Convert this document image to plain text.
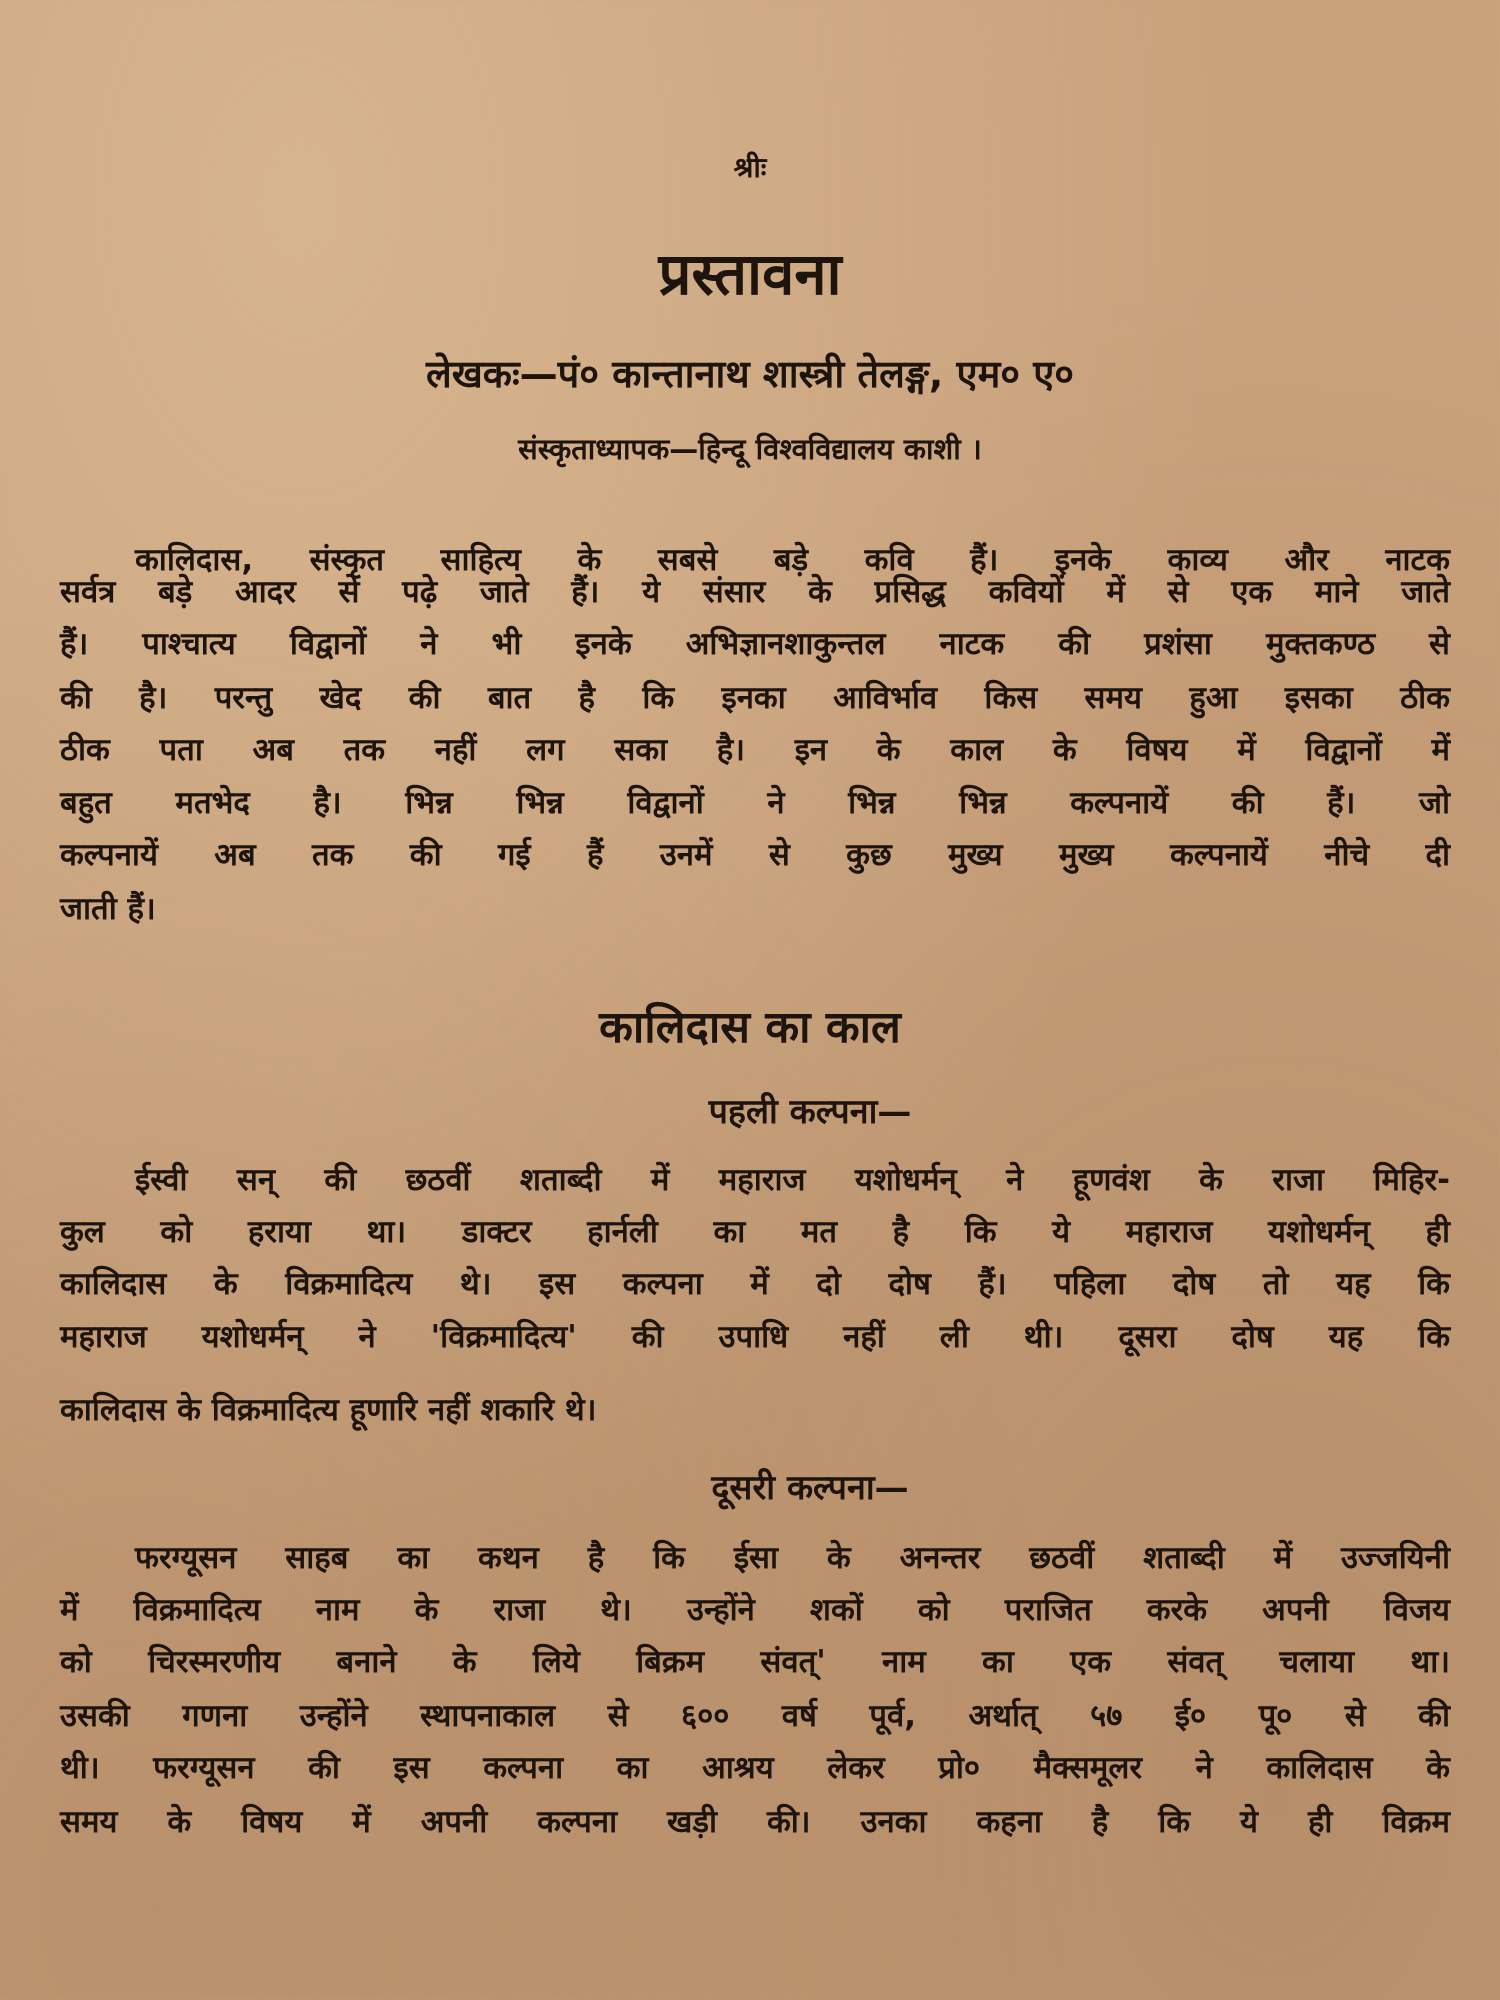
श्रीः
प्रस्तावना
लेखकः—पं० कान्तानाथ शास्त्री तेलङ्ग, एम० ए०
संस्कृताध्यापक—हिन्दू विश्वविद्यालय काशी ।
कालिदास, संस्कृत साहित्य के सबसे बड़े कवि हैं। इनके काव्य और नाटक
सर्वत्र बड़े आदर से पढ़े जाते हैं। ये संसार के प्रसिद्ध कवियों में से एक माने जाते
हैं। पाश्चात्य विद्वानों ने भी इनके अभिज्ञानशाकुन्तल नाटक की प्रशंसा मुक्तकण्ठ से
की है। परन्तु खेद की बात है कि इनका आविर्भाव किस समय हुआ इसका ठीक
ठीक पता अब तक नहीं लग सका है। इन के काल के विषय में विद्वानों में
बहुत मतभेद है। भिन्न भिन्न विद्वानों ने भिन्न भिन्न कल्पनायें की हैं। जो
कल्पनायें अब तक की गई हैं उनमें से कुछ मुख्य मुख्य कल्पनायें नीचे दी
जाती हैं।
कालिदास का काल
पहली कल्पना—
ईस्वी सन् की छठवीं शताब्दी में महाराज यशोधर्मन् ने हूणवंश के राजा मिहिर-
कुल को हराया था। डाक्टर हार्नली का मत है कि ये महाराज यशोधर्मन् ही
कालिदास के विक्रमादित्य थे। इस कल्पना में दो दोष हैं। पहिला दोष तो यह कि
महाराज यशोधर्मन् ने 'विक्रमादित्य' की उपाधि नहीं ली थी। दूसरा दोष यह कि
कालिदास के विक्रमादित्य हूणारि नहीं शकारि थे।
दूसरी कल्पना—
फरग्यूसन साहब का कथन है कि ईसा के अनन्तर छठवीं शताब्दी में उज्जयिनी
में विक्रमादित्य नाम के राजा थे। उन्होंने शकों को पराजित करके अपनी विजय
को चिरस्मरणीय बनाने के लिये बिक्रम संवत्' नाम का एक संवत् चलाया था।
उसकी गणना उन्होंने स्थापनाकाल से ६०० वर्ष पूर्व, अर्थात् ५७ ई० पू० से की
थी। फरग्यूसन की इस कल्पना का आश्रय लेकर प्रो० मैक्समूलर ने कालिदास के
समय के विषय में अपनी कल्पना खड़ी की। उनका कहना है कि ये ही विक्रम
